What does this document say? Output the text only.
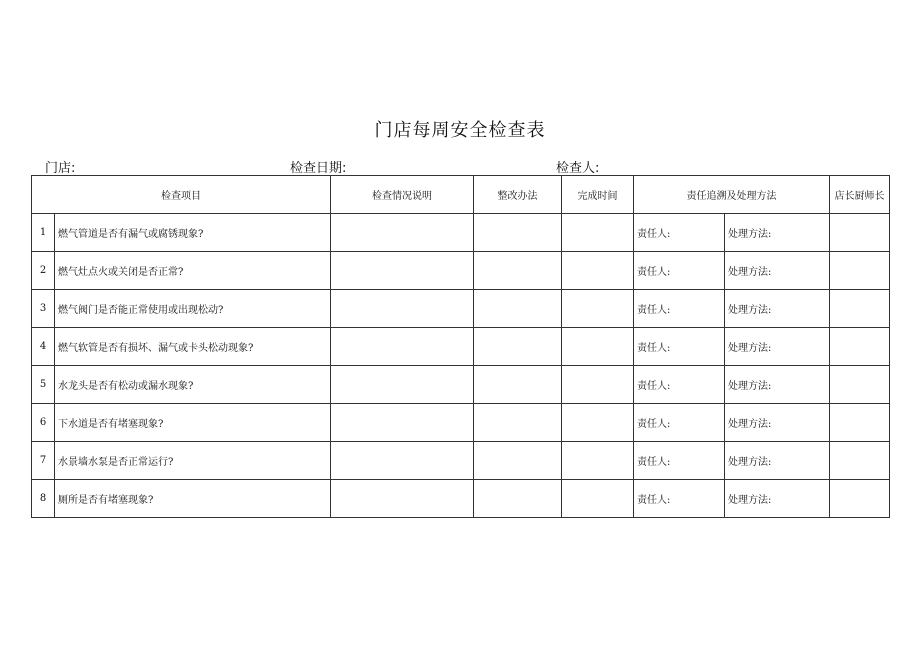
门店每周安全检查表
门店:	检查日期:	检查人:
检查项目		检查情况说明	整改办法	完成时间	责任追溯及处理方法		店长厨师长
1	燃气管道是否有漏气或腐锈现象?				责任人:	处理方法:	
2	燃气灶点火或关闭是否正常?				责任人:	处理方法:	
3	燃气阀门是否能正常使用或出现松动?				责任人:	处理方法:	
4	燃气软管是否有损坏、漏气或卡头松动现象?				责任人:	处理方法:	
5	水龙头是否有松动或漏水现象?				责任人:	处理方法:	
6	下水道是否有堵塞现象?				责任人:	处理方法:	
7	水景墙水泵是否正常运行?				责任人:	处理方法:	
8	厕所是否有堵塞现象?				责任人:	处理方法:	
